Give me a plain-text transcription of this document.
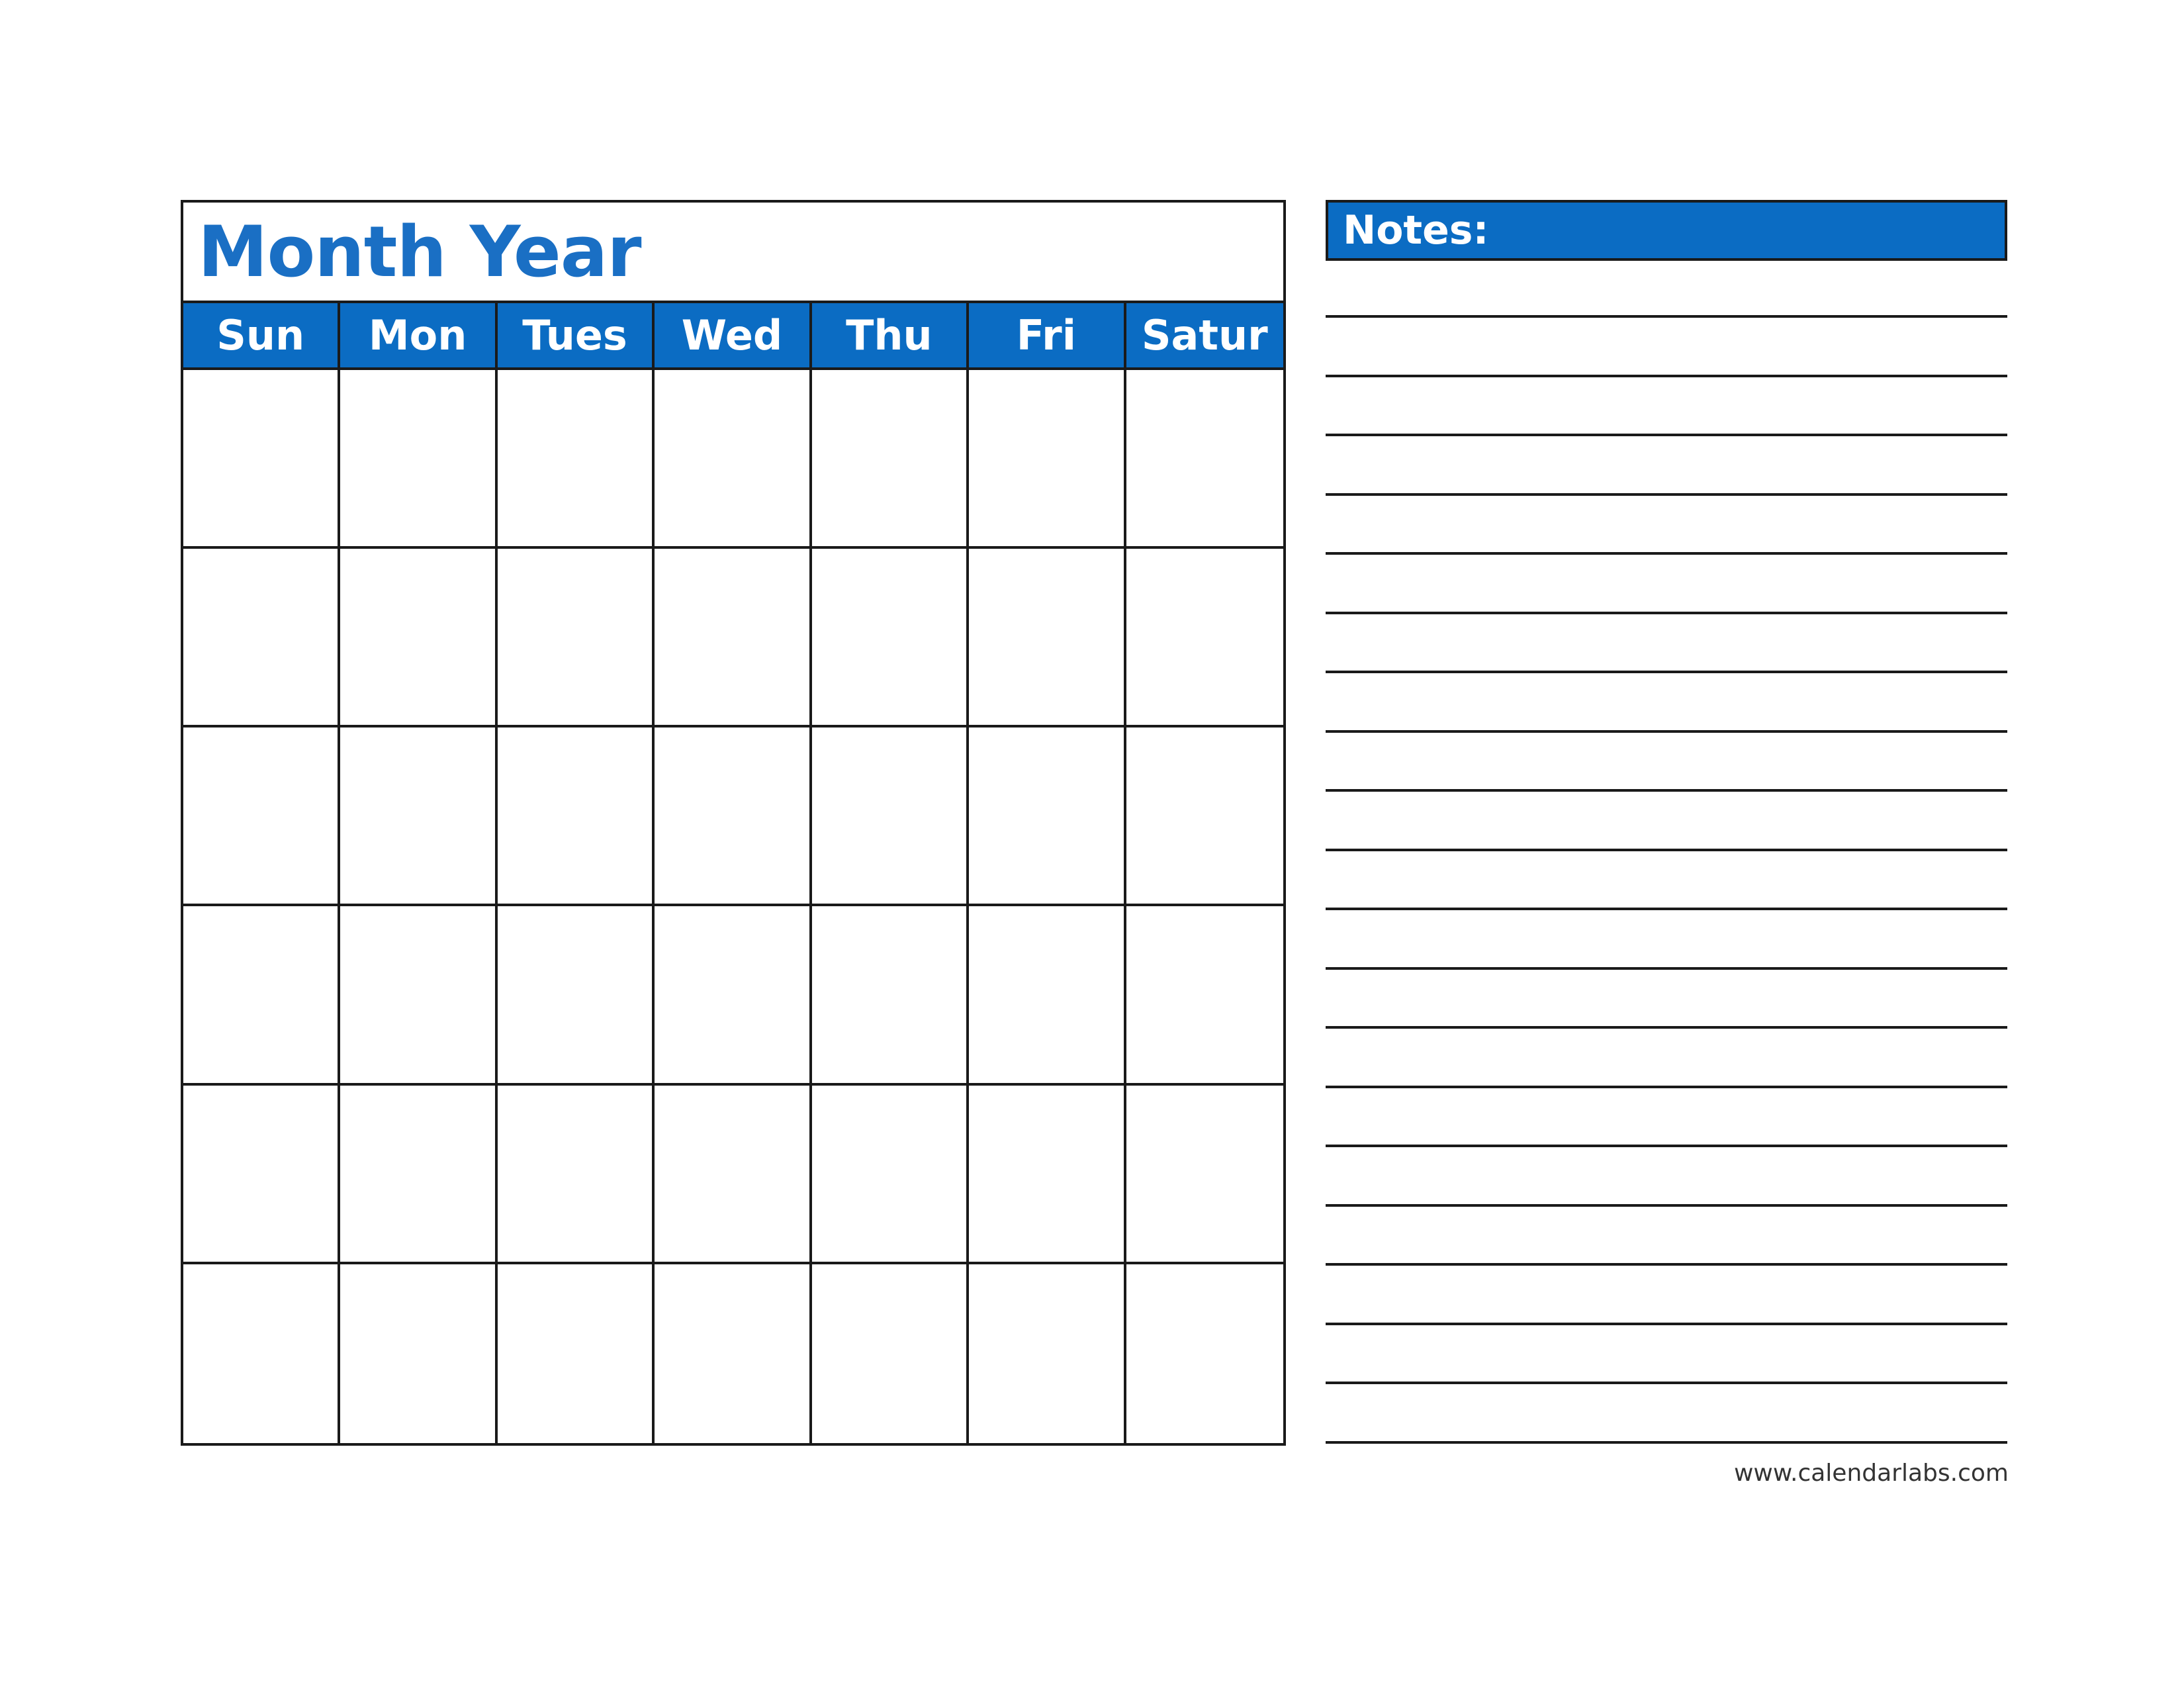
Month Year
Sun	Mon	Tues	Wed	Thu	Fri	Satur
Notes:
www.calendarlabs.com
